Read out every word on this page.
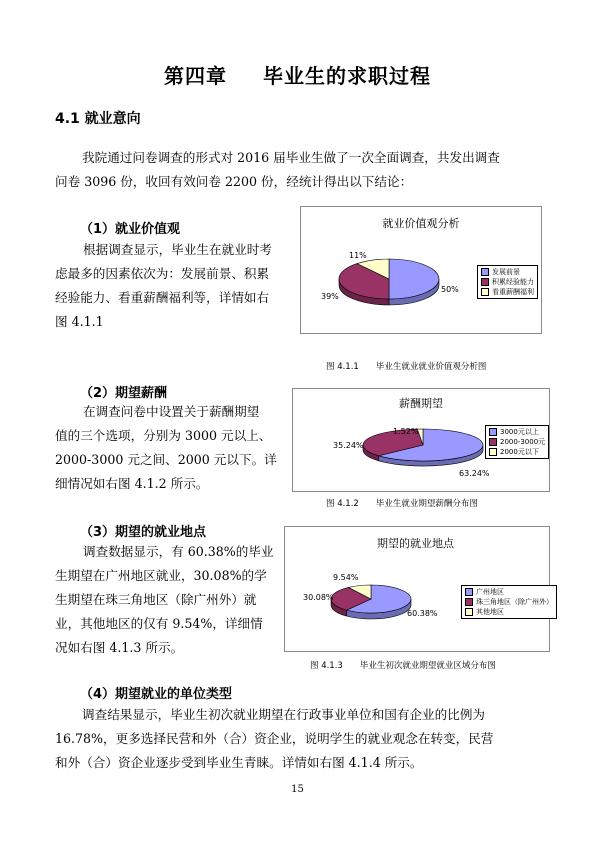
第四章 毕业生的求职过程
4.1 就业意向
我院通过问卷调查的形式对 2016 届毕业生做了一次全面调查，共发出调查
问卷 3096 份，收回有效问卷 2200 份，经统计得出以下结论：
（1）就业价值观
根据调查显示，毕业生在就业时考
虑最多的因素依次为：发展前景、积累
经验能力、看重薪酬福利等，详情如右
图 4.1.1
就业价值观分析
11%
50%
39%
发展前景
积累经验能力
看重薪酬福利
图 4.1.1　　毕业生就业就业价值观分析图
（2）期望薪酬
在调查问卷中设置关于薪酬期望
值的三个选项，分别为 3000 元以上、
2000-3000 元之间、2000 元以下。详
细情况如右图 4.1.2 所示。
薪酬期望
1.52%
35.24%
63.24%
3000元以上
2000-3000元
2000元以下
图 4.1.2　　毕业生就业期望薪酬分布图
（3）期望的就业地点
调查数据显示，有 60.38%的毕业
生期望在广州地区就业，30.08%的学
生期望在珠三角地区（除广州外）就
业，其他地区的仅有 9.54%，详细情
况如右图 4.1.3 所示。
期望的就业地点
9.54%
30.08%
60.38%
广州地区
珠三角地区（除广州外）
其他地区
图 4.1.3　　毕业生初次就业期望就业区域分布图
（4）期望就业的单位类型
调查结果显示，毕业生初次就业期望在行政事业单位和国有企业的比例为
16.78%，更多选择民营和外（合）资企业，说明学生的就业观念在转变，民营
和外（合）资企业逐步受到毕业生青睐。详情如右图 4.1.4 所示。
15
